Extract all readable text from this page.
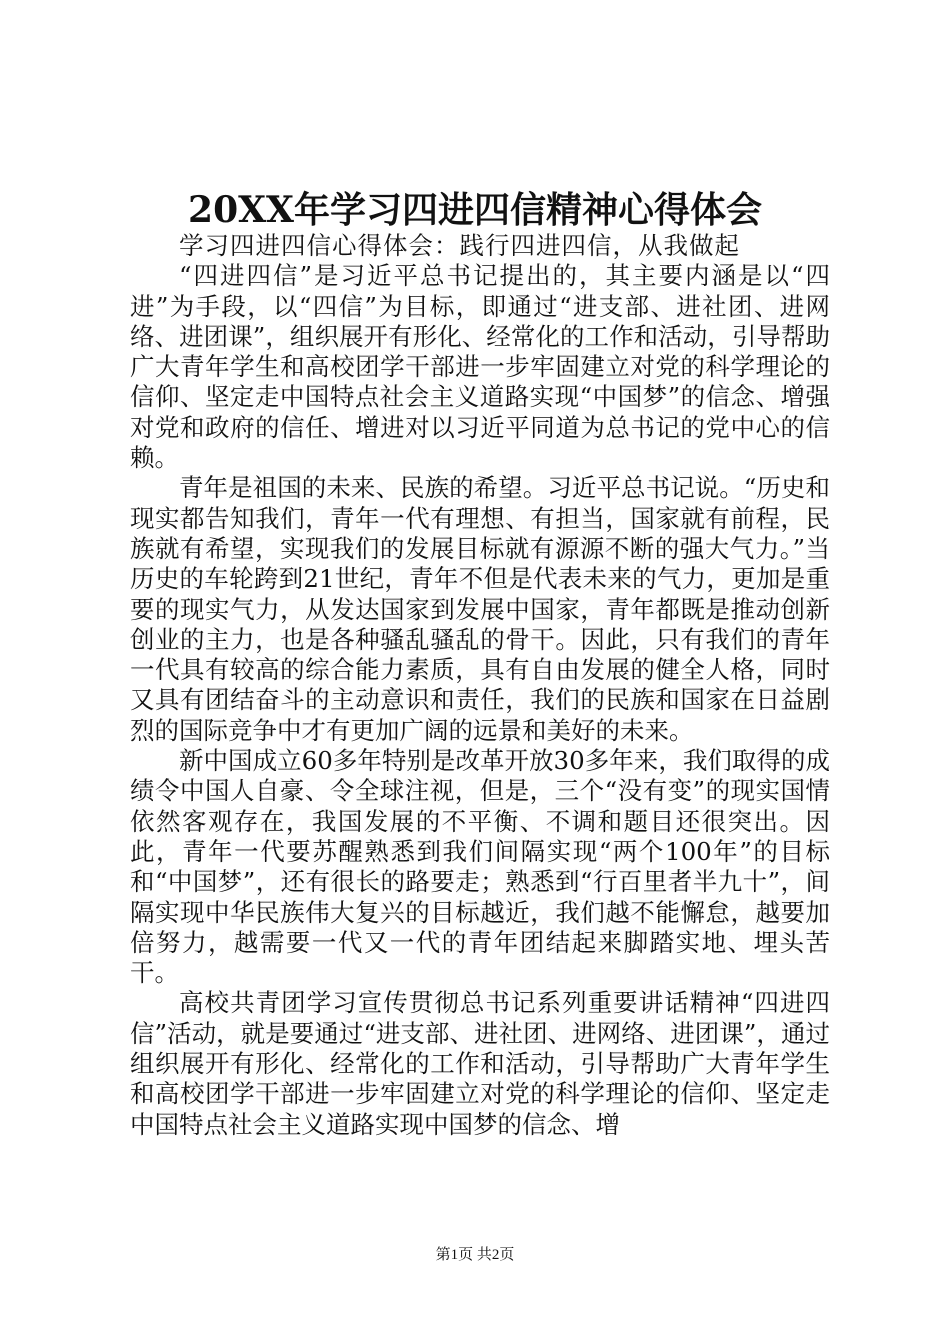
20XX年学习四进四信精神心得体会

学习四进四信心得体会：践行四进四信，从我做起

“四进四信”是习近平总书记提出的，其主要内涵是以“四进”为手段，以“四信”为目标，即通过“进支部、进社团、进网络、进团课”，组织展开有形化、经常化的工作和活动，引导帮助广大青年学生和高校团学干部进一步牢固建立对党的科学理论的信仰、坚定走中国特点社会主义道路实现“中国梦”的信念、增强对党和政府的信任、增进对以习近平同道为总书记的党中心的信赖。

青年是祖国的未来、民族的希望。习近平总书记说。“历史和现实都告知我们，青年一代有理想、有担当，国家就有前程，民族就有希望，实现我们的发展目标就有源源不断的强大气力。”当历史的车轮跨到21世纪，青年不但是代表未来的气力，更加是重要的现实气力，从发达国家到发展中国家，青年都既是推动创新创业的主力，也是各种骚乱骚乱的骨干。因此，只有我们的青年一代具有较高的综合能力素质，具有自由发展的健全人格，同时又具有团结奋斗的主动意识和责任，我们的民族和国家在日益剧烈的国际竞争中才有更加广阔的远景和美好的未来。

新中国成立60多年特别是改革开放30多年来，我们取得的成绩令中国人自豪、令全球注视，但是，三个“没有变”的现实国情依然客观存在，我国发展的不平衡、不调和题目还很突出。因此，青年一代要苏醒熟悉到我们间隔实现“两个100年”的目标和“中国梦”，还有很长的路要走；熟悉到“行百里者半九十”，间隔实现中华民族伟大复兴的目标越近，我们越不能懈怠，越要加倍努力，越需要一代又一代的青年团结起来脚踏实地、埋头苦干。

高校共青团学习宣传贯彻总书记系列重要讲话精神“四进四信”活动，就是要通过“进支部、进社团、进网络、进团课”，通过组织展开有形化、经常化的工作和活动，引导帮助广大青年学生和高校团学干部进一步牢固建立对党的科学理论的信仰、坚定走中国特点社会主义道路实现中国梦的信念、增

第1页 共2页
